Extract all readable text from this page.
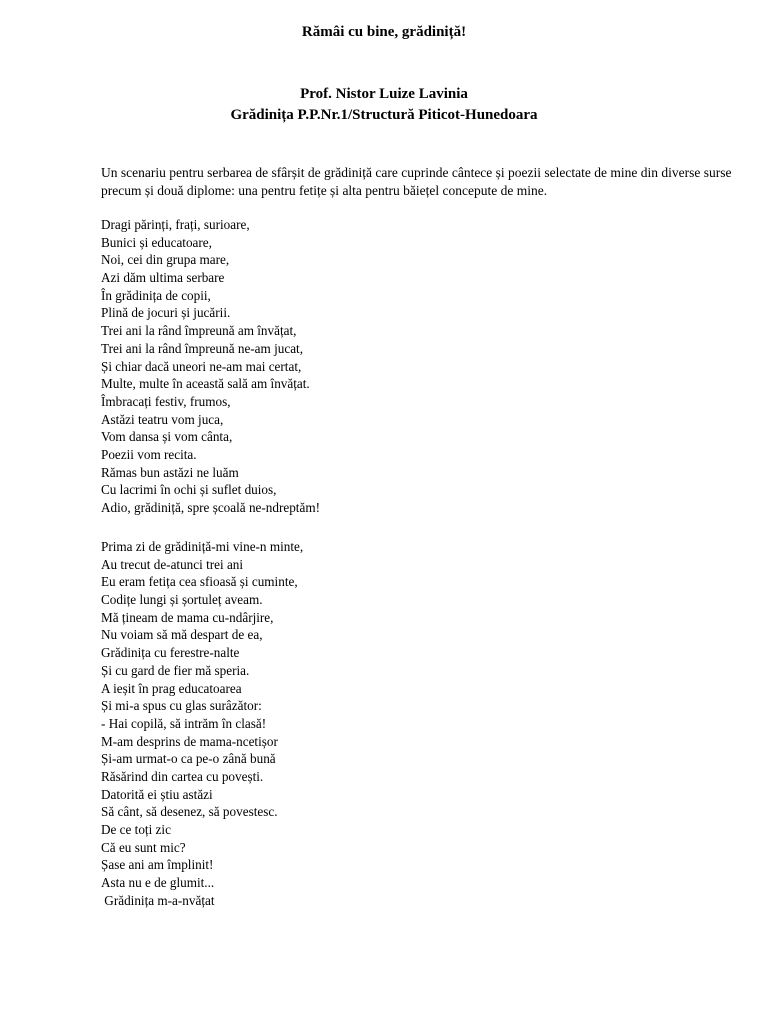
Rămâi cu bine, grădiniță!
Prof. Nistor Luize Lavinia
Grădinița P.P.Nr.1/Structură Piticot-Hunedoara

Un scenariu pentru serbarea de sfârșit de grădiniță care cuprinde cântece și poezii selectate de mine din diverse surse precum și două diplome: una pentru fetițe și alta pentru băiețel concepute de mine.

Dragi părinți, frați, surioare,
Bunici și educatoare,
Noi, cei din grupa mare,
Azi dăm ultima serbare
În grădinița de copii,
Plină de jocuri și jucării.
Trei ani la rând împreună am învățat,
Trei ani la rând împreună ne-am jucat,
Și chiar dacă uneori ne-am mai certat,
Multe, multe în această sală am învățat.
Îmbracați festiv, frumos,
Astăzi teatru vom juca,
Vom dansa și vom cânta,
Poezii vom recita.
Rămas bun astăzi ne luăm
Cu lacrimi în ochi și suflet duios,
Adio, grădiniță, spre școală ne-ndreptăm!
Prima zi de grădiniță-mi vine-n minte,
Au trecut de-atunci trei ani
Eu eram fetița cea sfioasă și cuminte,
Codițe lungi și șortuleț aveam.
Mă țineam de mama cu-ndârjire,
Nu voiam să mă despart de ea,
Grădinița cu ferestre-nalte
Și cu gard de fier mă speria.
A ieșit în prag educatoarea
Și mi-a spus cu glas surâzător:
- Hai copilă, să intrăm în clasă!
M-am desprins de mama-ncetișor
Și-am urmat-o ca pe-o zână bună
Răsărind din cartea cu povești.
Datorită ei știu astăzi
Să cânt, să desenez, să povestesc.
De ce toți zic
Că eu sunt mic?
Șase ani am împlinit!
Asta nu e de glumit...
Grădinița m-a-nvățat
